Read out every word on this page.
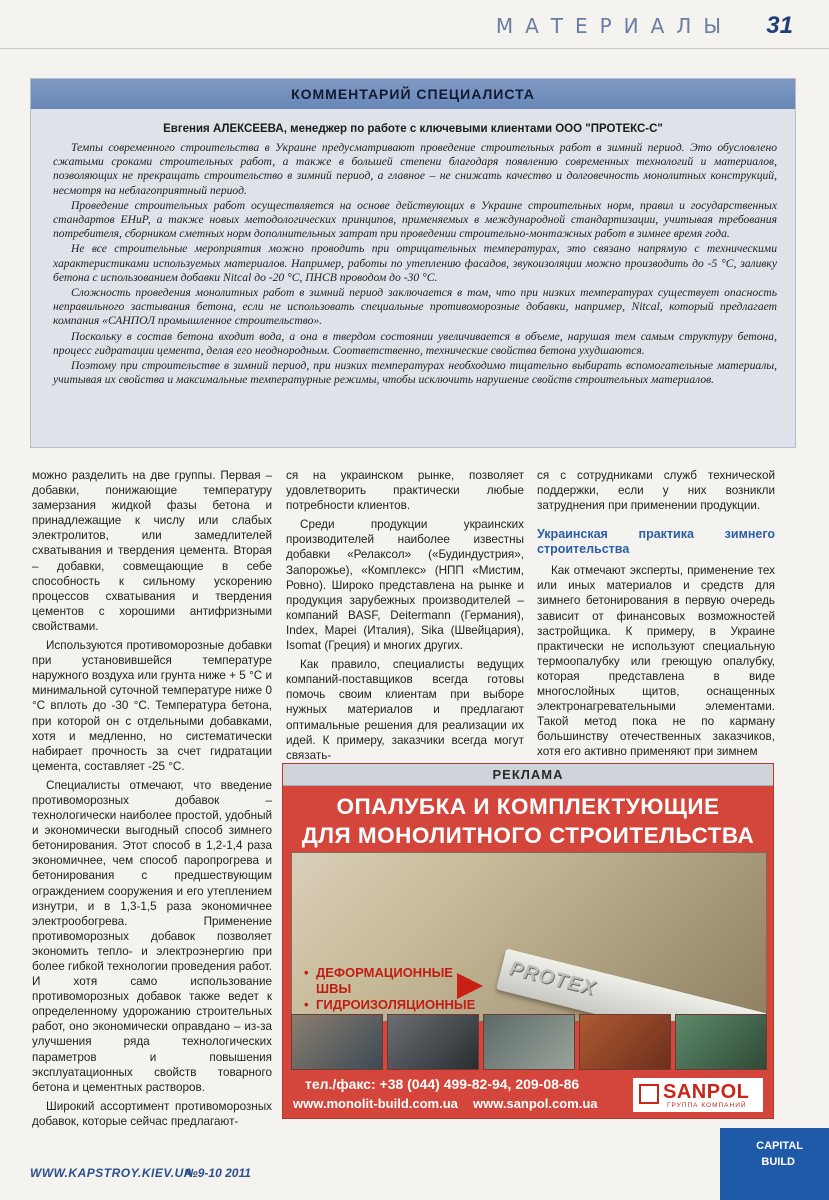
МАТЕРИАЛЫ 31
КОММЕНТАРИЙ СПЕЦИАЛИСТА
Евгения АЛЕКСЕЕВА, менеджер по работе с ключевыми клиентами ООО "ПРОТЕКС-С"

Темпы современного строительства в Украине предусматривают проведение строительных работ в зимний период. Это обусловлено сжатыми сроками строительных работ, а также в большей степени благодаря появлению современных технологий и материалов, позволяющих не прекращать строительство в зимний период, а главное – не снижать качество и долговечность монолитных конструкций, несмотря на неблагоприятный период.

Проведение строительных работ осуществляется на основе действующих в Украине строительных норм, правил и государственных стандартов ЕНиР, а также новых методологических принципов, применяемых в международной стандартизации, учитывая требования потребителя, сборником сметных норм дополнительных затрат при проведении строительно-монтажных работ в зимнее время года.

Не все строительные мероприятия можно проводить при отрицательных температурах, это связано напрямую с техническими характеристиками используемых материалов. Например, работы по утеплению фасадов, звукоизоляции можно производить до -5 °С, заливку бетона с использованием добавки Nitcal до -20 °С, ПНСВ проводом до -30 °С.

Сложность проведения монолитных работ в зимний период заключается в том, что при низких температурах существует опасность неправильного застывания бетона, если не использовать специальные противоморозные добавки, например, Nitcal, который предлагает компания «САНПОЛ промышленное строительство».

Поскольку в состав бетона входит вода, а она в твердом состоянии увеличивается в объеме, нарушая тем самым структуру бетона, процесс гидратации цемента, делая его неоднородным. Соответственно, технические свойства бетона ухудшаются.

Поэтому при строительстве в зимний период, при низких температурах необходимо тщательно выбирать вспомогательные материалы, учитывая их свойства и максимальные температурные режимы, чтобы исключить нарушение свойств строительных материалов.

можно разделить на две группы. Первая – добавки, понижающие температуру замерзания жидкой фазы бетона и принадлежащие к числу или слабых электролитов, или замедлителей схватывания и твердения цемента. Вторая – добавки, совмещающие в себе способность к сильному ускорению процессов схватывания и твердения цементов с хорошими антифризными свойствами.

Используются противоморозные добавки при установившейся температуре наружного воздуха или грунта ниже + 5 °С и минимальной суточной температуре ниже 0 °С вплоть до -30 °С. Температура бетона, при которой он с отдельными добавками, хотя и медленно, но систематически набирает прочность за счет гидратации цемента, составляет -25 °С.

Специалисты отмечают, что введение противоморозных добавок – технологически наиболее простой, удобный и экономически выгодный способ зимнего бетонирования. Этот способ в 1,2-1,4 раза экономичнее, чем способ паропрогрева и бетонирования с предшествующим ограждением сооружения и его утеплением изнутри, и в 1,3-1,5 раза экономичнее электрообогрева. Применение противоморозных добавок позволяет экономить тепло- и электроэнергию при более гибкой технологии проведения работ. И хотя само использование противоморозных добавок также ведет к определенному удорожанию строительных работ, оно экономически оправдано – из-за улучшения ряда технологических параметров и повышения эксплуатационных свойств товарного бетона и цементных растворов.

Широкий ассортимент противоморозных добавок, которые сейчас предлагают-

ся на украинском рынке, позволяет удовлетворить практически любые потребности клиентов.

Среди продукции украинских производителей наиболее известны добавки «Релаксол» («Будиндустрия», Запорожье), «Комплекс» (НПП «Мистим, Ровно). Широко представлена на рынке и продукция зарубежных производителей – компаний BASF, Deitermann (Германия), Index, Mapei (Италия), Sika (Швейцария), Isomat (Греция) и многих других.

Как правило, специалисты ведущих компаний-поставщиков всегда готовы помочь своим клиентам при выборе нужных материалов и предлагают оптимальные решения для реализации их идей. К примеру, заказчики всегда могут связать-

ся с сотрудниками служб технической поддержки, если у них возникли затруднения при применении продукции.

Украинская практика зимнего строительства

Как отмечают эксперты, применение тех или иных материалов и средств для зимнего бетонирования в первую очередь зависит от финансовых возможностей застройщика. К примеру, в Украине практически не используют специальную термоопалубку или греющую опалубку, которая представлена в виде многослойных щитов, оснащенных электронагревательными элементами. Такой метод пока не по карману большинству отечественных заказчиков, хотя его активно применяют при зимнем

РЕКЛАМА
ОПАЛУБКА И КОМПЛЕКТУЮЩИЕ
ДЛЯ МОНОЛИТНОГО СТРОИТЕЛЬСТВА
• ДЕФОРМАЦИОННЫЕ ШВЫ
• ГИДРОИЗОЛЯЦИОННЫЕ
PROTEX
тел./факс: +38 (044) 499-82-94, 209-08-86
www.monolit-build.com.ua www.sanpol.com.ua
SANPOL
ГРУППА КОМПАНИЙ
WWW.KAPSTROY.KIEV.UA
№9-10 2011
CAPITAL
BUILD
